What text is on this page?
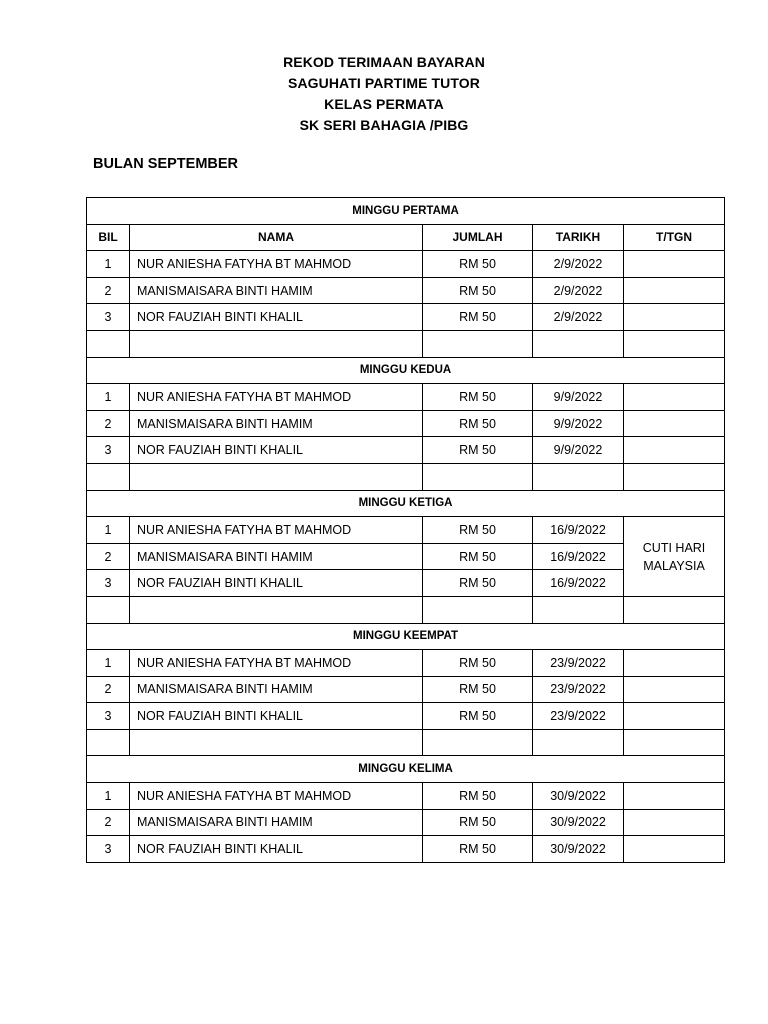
REKOD TERIMAAN BAYARAN
SAGUHATI PARTIME TUTOR
KELAS PERMATA
SK SERI BAHAGIA /PIBG
BULAN SEPTEMBER
MINGGU PERTAMA				
BIL	NAMA	JUMLAH	TARIKH	T/TGN
1	NUR ANIESHA FATYHA BT MAHMOD	RM 50	2/9/2022	
2	MANISMAISARA BINTI HAMIM	RM 50	2/9/2022	
3	NOR FAUZIAH BINTI KHALIL	RM 50	2/9/2022	

MINGGU KEDUA				
1	NUR ANIESHA FATYHA BT MAHMOD	RM 50	9/9/2022	
2	MANISMAISARA BINTI HAMIM	RM 50	9/9/2022	
3	NOR FAUZIAH BINTI KHALIL	RM 50	9/9/2022	

MINGGU KETIGA				
1	NUR ANIESHA FATYHA BT MAHMOD	RM 50	16/9/2022	CUTI HARI MALAYSIA
2	MANISMAISARA BINTI HAMIM	RM 50	16/9/2022	
3	NOR FAUZIAH BINTI KHALIL	RM 50	16/9/2022	

MINGGU KEEMPAT				
1	NUR ANIESHA FATYHA BT MAHMOD	RM 50	23/9/2022	
2	MANISMAISARA BINTI HAMIM	RM 50	23/9/2022	
3	NOR FAUZIAH BINTI KHALIL	RM 50	23/9/2022	

MINGGU KELIMA				
1	NUR ANIESHA FATYHA BT MAHMOD	RM 50	30/9/2022	
2	MANISMAISARA BINTI HAMIM	RM 50	30/9/2022	
3	NOR FAUZIAH BINTI KHALIL	RM 50	30/9/2022	
